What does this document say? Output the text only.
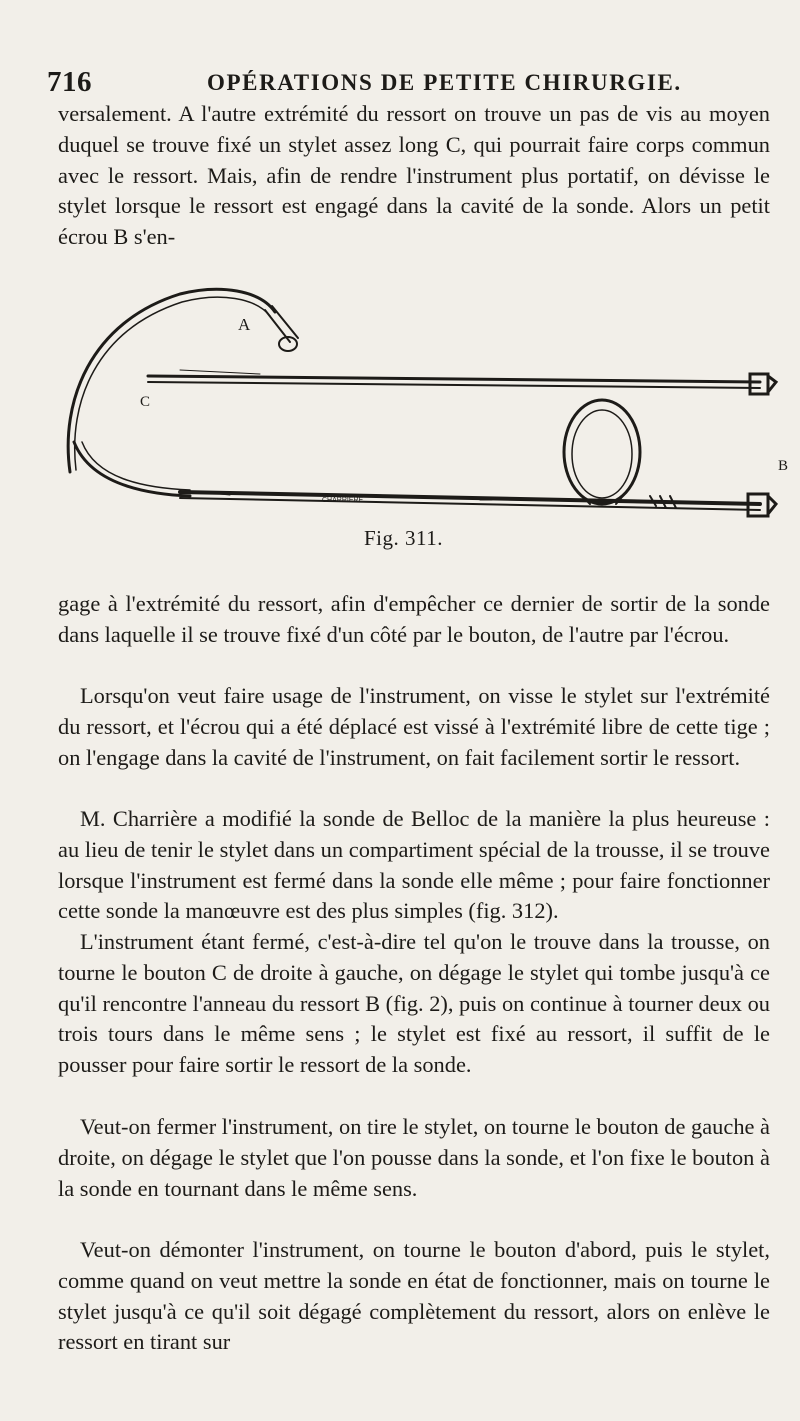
716	OPÉRATIONS DE PETITE CHIRURGIE.

versalement. A l'autre extrémité du ressort on trouve un pas de vis au moyen duquel se trouve fixé un stylet assez long C, qui pourrait faire corps commun avec le ressort. Mais, afin de rendre l'instrument plus portatif, on dévisse le stylet lorsque le ressort est engagé dans la cavité de la sonde. Alors un petit écrou B s'en-

A
C
B
CHARRIÈRE
Fig. 311.

gage à l'extrémité du ressort, afin d'empêcher ce dernier de sortir de la sonde dans laquelle il se trouve fixé d'un côté par le bouton, de l'autre par l'écrou.

Lorsqu'on veut faire usage de l'instrument, on visse le stylet sur l'extrémité du ressort, et l'écrou qui a été déplacé est vissé à l'extrémité libre de cette tige ; on l'engage dans la cavité de l'instrument, on fait facilement sortir le ressort.

M. Charrière a modifié la sonde de Belloc de la manière la plus heureuse : au lieu de tenir le stylet dans un compartiment spécial de la trousse, il se trouve lorsque l'instrument est fermé dans la sonde elle même ; pour faire fonctionner cette sonde la manœuvre est des plus simples (fig. 312).

L'instrument étant fermé, c'est-à-dire tel qu'on le trouve dans la trousse, on tourne le bouton C de droite à gauche, on dégage le stylet qui tombe jusqu'à ce qu'il rencontre l'anneau du ressort B (fig. 2), puis on continue à tourner deux ou trois tours dans le même sens ; le stylet est fixé au ressort, il suffit de le pousser pour faire sortir le ressort de la sonde.

Veut-on fermer l'instrument, on tire le stylet, on tourne le bouton de gauche à droite, on dégage le stylet que l'on pousse dans la sonde, et l'on fixe le bouton à la sonde en tournant dans le même sens.

Veut-on démonter l'instrument, on tourne le bouton d'abord, puis le stylet, comme quand on veut mettre la sonde en état de fonctionner, mais on tourne le stylet jusqu'à ce qu'il soit dégagé complètement du ressort, alors on enlève le ressort en tirant sur
